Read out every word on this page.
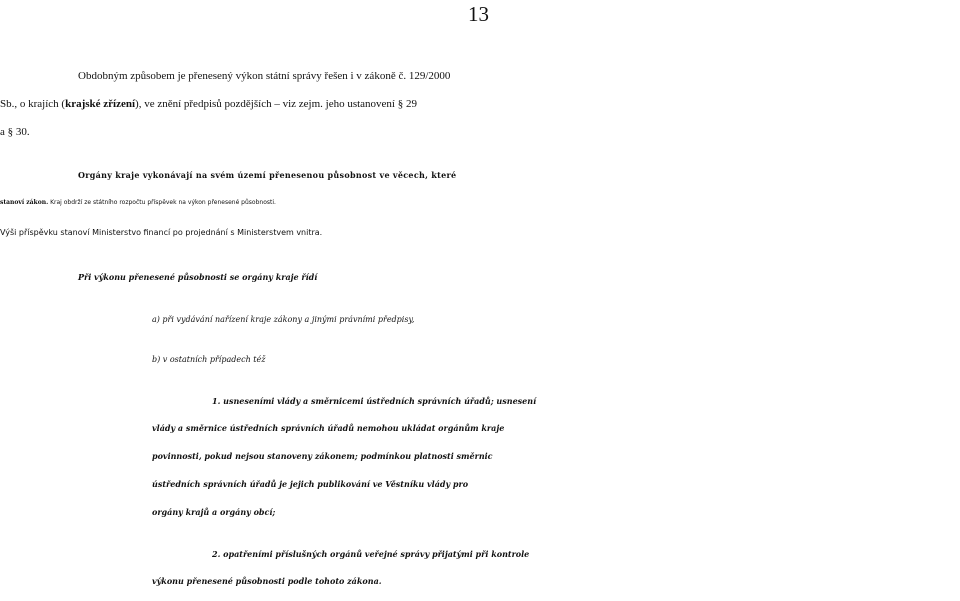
13
Obdobným způsobem je přenesený výkon státní správy řešen i v zákoně č. 129/2000
Sb., o krajích (krajské zřízení), ve znění předpisů pozdějších – viz zejm. jeho ustanovení § 29
a § 30.
Orgány kraje vykonávají na svém území přenesenou působnost ve věcech, které
stanoví zákon. Kraj obdrží ze státního rozpočtu příspěvek na výkon přenesené působnosti.
Výši příspěvku stanoví Ministerstvo financí po projednání s Ministerstvem vnitra.
Při výkonu přenesené působnosti se orgány kraje řídí
a) při vydávání nařízení kraje zákony a jinými právními předpisy,
b) v ostatních případech též
1. usneseními vlády a směrnicemi ústředních správních úřadů; usnesení
vlády a směrnice ústředních správních úřadů nemohou ukládat orgánům kraje
povinnosti, pokud nejsou stanoveny zákonem; podmínkou platnosti směrnic
ústředních správních úřadů je jejich publikování ve Věstníku vlády pro
orgány krajů a orgány obcí;
2. opatřeními příslušných orgánů veřejné správy přijatými při kontrole
výkonu přenesené působnosti podle tohoto zákona.
